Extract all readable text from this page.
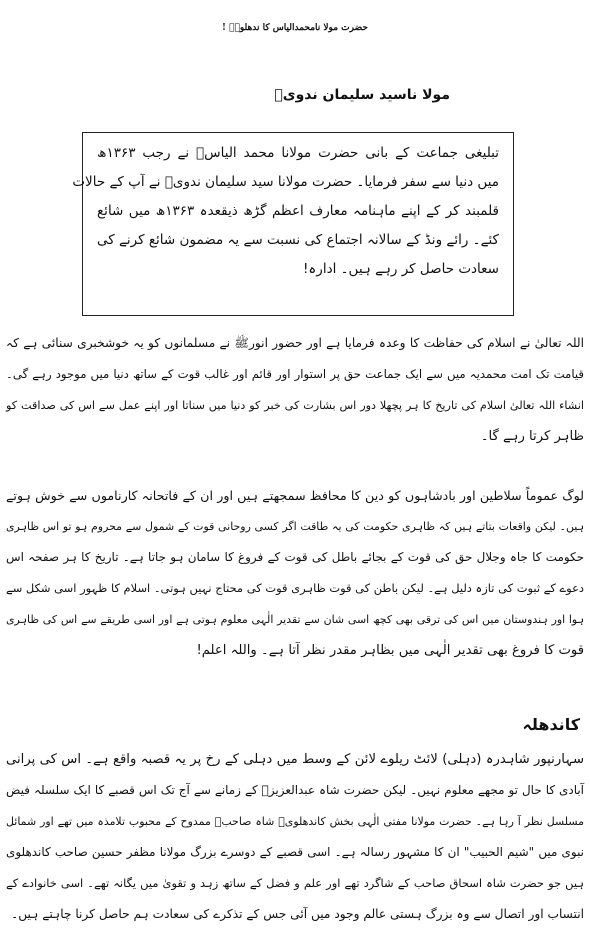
حضرت مولا نامحمدالیاس کا ندھلویؒ !
مولا ناسید سلیمان ندویؒ
تبلیغی جماعت کے بانی حضرت مولانا محمد الیاسؒ نے رجب ۱۳۶۳ھ
میں دنیا سے سفر فرمایا۔ حضرت مولانا سید سلیمان ندویؒ نے آپ کے حالات
قلمبند کر کے اپنے ماہنامہ معارف اعظم گڑھ ذیقعدہ ۱۳۶۳ھ میں شائع
کئے۔ رائے ونڈ کے سالانہ اجتماع کی نسبت سے یہ مضمون شائع کرنے کی
سعادت حاصل کر رہے ہیں۔ ادارہ!
اللہ تعالیٰ نے اسلام کی حفاظت کا وعدہ فرمایا ہے اور حضور انورﷺ نے مسلمانوں کو یہ خوشخبری سنائی ہے کہ
قیامت تک امت محمدیہ میں سے ایک جماعت حق پر استوار اور قائم اور غالب قوت کے ساتھ دنیا میں موجود رہے گی۔
انشاء اللہ تعالیٰ اسلام کی تاریخ کا ہر پچھلا دور اس بشارت کی خبر کو دنیا میں سناتا اور اپنے عمل سے اس کی صداقت کو
ظاہر کرتا رہے گا۔
لوگ عموماً سلاطین اور بادشاہوں کو دین کا محافظ سمجھتے ہیں اور ان کے فاتحانہ کارناموں سے خوش ہوتے
ہیں۔ لیکن واقعات بتاتے ہیں کہ ظاہری حکومت کی یہ طاقت اگر کسی روحانی قوت کے شمول سے محروم ہو تو اس ظاہری
حکومت کا جاہ وجلال حق کی قوت کے بجائے باطل کی قوت کے فروغ کا سامان ہو جاتا ہے۔ تاریخ کا ہر صفحہ اس
دعوے کے ثبوت کی تازہ دلیل ہے۔ لیکن باطن کی قوت ظاہری قوت کی محتاج نہیں ہوتی۔ اسلام کا ظہور اسی شکل سے
ہوا اور ہندوستان میں اس کی ترقی بھی کچھ اسی شان سے تقدیر الٰہی معلوم ہوتی ہے اور اسی طریقے سے اس کی ظاہری
قوت کا فروغ بھی تقدیر الٰہی میں بظاہر مقدر نظر آتا ہے۔ واللہ اعلم!
کاندھلہ
سہارنپور شاہدرہ (دہلی) لائٹ ریلوے لائن کے وسط میں دہلی کے رخ پر یہ قصبہ واقع ہے۔ اس کی پرانی
آبادی کا حال تو مجھے معلوم نہیں۔ لیکن حضرت شاہ عبدالعزیزؒ کے زمانے سے آج تک اس قصبے کا ایک سلسلہ فیض
مسلسل نظر آ رہا ہے۔ حضرت مولانا مفتی الٰہی بخش کاندھلویؒ شاہ صاحبؒ ممدوح کے محبوب تلامذہ میں تھے اور شمائل
نبوی میں "شیم الحبیب" ان کا مشہور رسالہ ہے۔ اسی قصبے کے دوسرے بزرگ مولانا مظفر حسین صاحب کاندھلوی
ہیں جو حضرت شاہ اسحاق صاحب کے شاگرد تھے اور علم و فضل کے ساتھ زہد و تقویٰ میں یگانہ تھے۔ اسی خانوادے کے
انتساب اور اتصال سے وہ بزرگ ہستی عالم وجود میں آئی جس کے تذکرے کی سعادت ہم حاصل کرنا چاہتے ہیں۔
